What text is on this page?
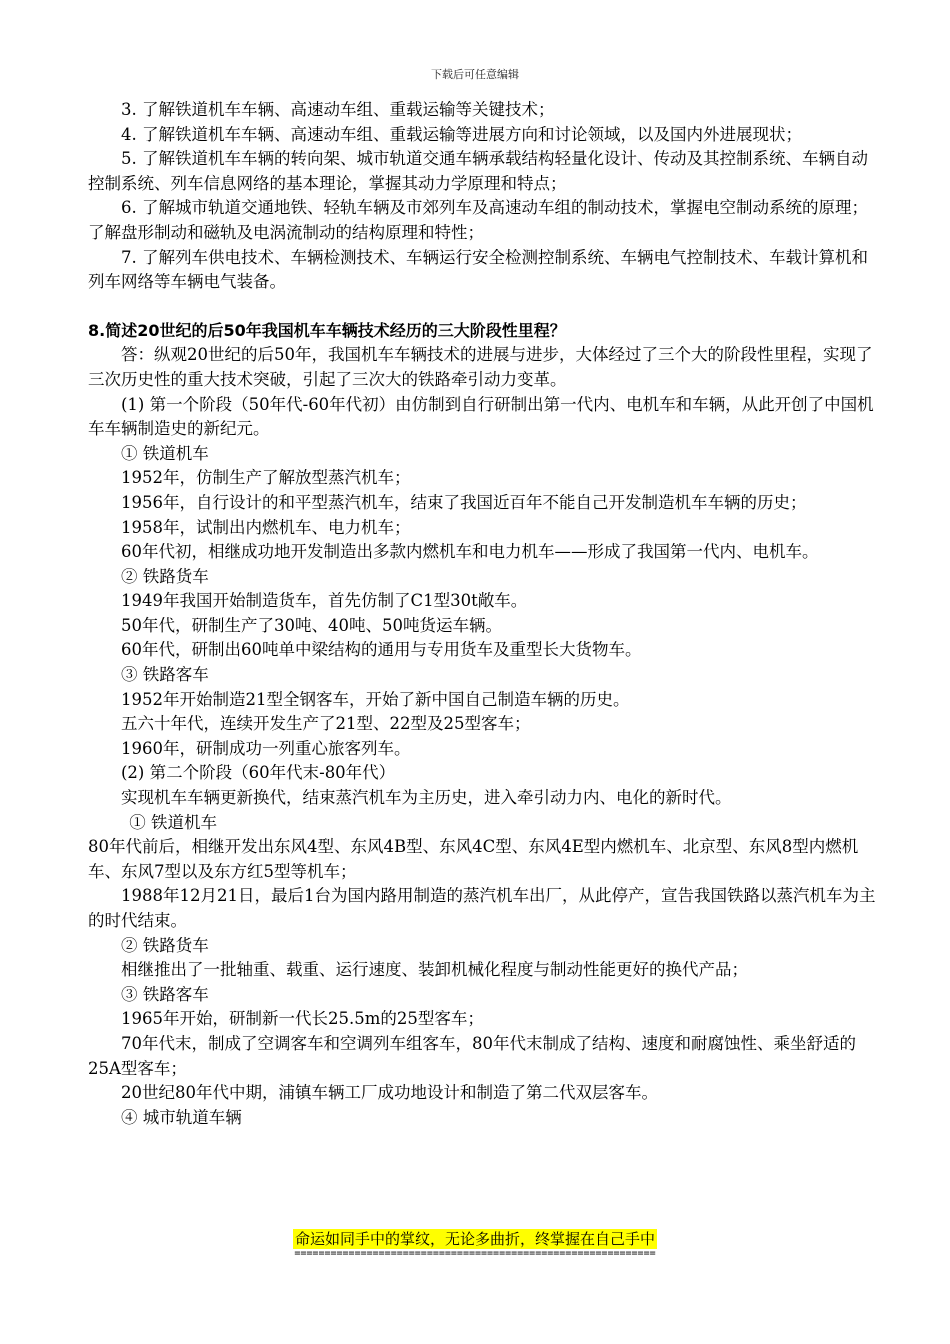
下载后可任意编辑

3. 了解铁道机车车辆、高速动车组、重载运输等关键技术；

4. 了解铁道机车车辆、高速动车组、重载运输等进展方向和讨论领域，以及国内外进展现状；

5. 了解铁道机车车辆的转向架、城市轨道交通车辆承载结构轻量化设计、传动及其控制系统、车辆自动控制系统、列车信息网络的基本理论，掌握其动力学原理和特点；

6. 了解城市轨道交通地铁、轻轨车辆及市郊列车及高速动车组的制动技术，掌握电空制动系统的原理；了解盘形制动和磁轨及电涡流制动的结构原理和特性；

7. 了解列车供电技术、车辆检测技术、车辆运行安全检测控制系统、车辆电气控制技术、车载计算机和列车网络等车辆电气装备。

8.简述20世纪的后50年我国机车车辆技术经历的三大阶段性里程？

答：纵观20世纪的后50年，我国机车车辆技术的进展与进步，大体经过了三个大的阶段性里程，实现了三次历史性的重大技术突破，引起了三次大的铁路牵引动力变革。

(1) 第一个阶段（50年代-60年代初）由仿制到自行研制出第一代内、电机车和车辆，从此开创了中国机车车辆制造史的新纪元。

① 铁道机车

1952年，仿制生产了解放型蒸汽机车；

1956年，自行设计的和平型蒸汽机车，结束了我国近百年不能自己开发制造机车车辆的历史；

1958年，试制出内燃机车、电力机车；

60年代初，相继成功地开发制造出多款内燃机车和电力机车——形成了我国第一代内、电机车。

② 铁路货车

1949年我国开始制造货车，首先仿制了C1型30t敞车。

50年代，研制生产了30吨、40吨、50吨货运车辆。

60年代，研制出60吨单中梁结构的通用与专用货车及重型长大货物车。

③ 铁路客车

1952年开始制造21型全钢客车，开始了新中国自己制造车辆的历史。

五六十年代，连续开发生产了21型、22型及25型客车；

1960年，研制成功一列重心旅客列车。

(2) 第二个阶段（60年代末-80年代）

实现机车车辆更新换代，结束蒸汽机车为主历史，进入牵引动力内、电化的新时代。

① 铁道机车

80年代前后，相继开发出东风4型、东风4B型、东风4C型、东风4E型内燃机车、北京型、东风8型内燃机车、东风7型以及东方红5型等机车；

1988年12月21日，最后1台为国内路用制造的蒸汽机车出厂，从此停产，宣告我国铁路以蒸汽机车为主的时代结束。

② 铁路货车

相继推出了一批轴重、载重、运行速度、装卸机械化程度与制动性能更好的换代产品；

③ 铁路客车

1965年开始，研制新一代长25.5m的25型客车；

70年代末，制成了空调客车和空调列车组客车，80年代末制成了结构、速度和耐腐蚀性、乘坐舒适的25A型客车；

20世纪80年代中期，浦镇车辆工厂成功地设计和制造了第二代双层客车。

④ 城市轨道车辆

命运如同手中的掌纹，无论多曲折，终掌握在自己手中
============================================================
